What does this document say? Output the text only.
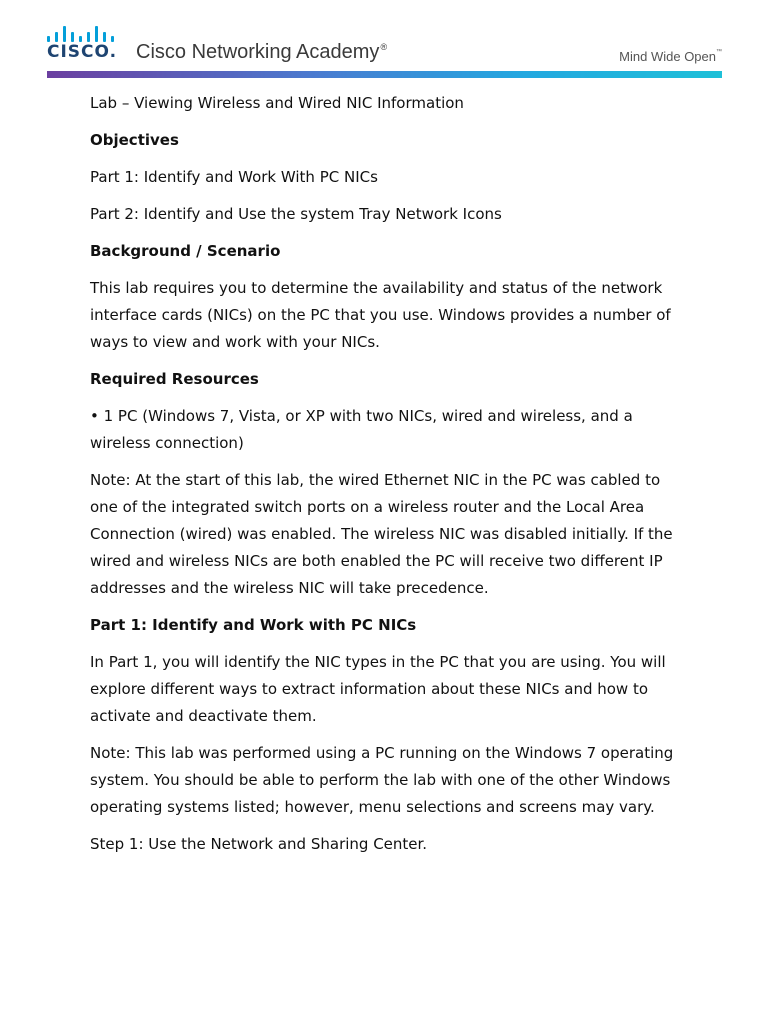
CISCO. Cisco Networking Academy®
Mind Wide Open™

Lab – Viewing Wireless and Wired NIC Information

Objectives

Part 1: Identify and Work With PC NICs

Part 2: Identify and Use the system Tray Network Icons

Background / Scenario

This lab requires you to determine the availability and status of the network interface cards (NICs) on the PC that you use. Windows provides a number of ways to view and work with your NICs.

Required Resources

• 1 PC (Windows 7, Vista, or XP with two NICs, wired and wireless, and a wireless connection)

Note: At the start of this lab, the wired Ethernet NIC in the PC was cabled to one of the integrated switch ports on a wireless router and the Local Area Connection (wired) was enabled. The wireless NIC was disabled initially. If the wired and wireless NICs are both enabled the PC will receive two different IP addresses and the wireless NIC will take precedence.

Part 1: Identify and Work with PC NICs

In Part 1, you will identify the NIC types in the PC that you are using. You will explore different ways to extract information about these NICs and how to activate and deactivate them.

Note: This lab was performed using a PC running on the Windows 7 operating system. You should be able to perform the lab with one of the other Windows operating systems listed; however, menu selections and screens may vary.

Step 1: Use the Network and Sharing Center.
